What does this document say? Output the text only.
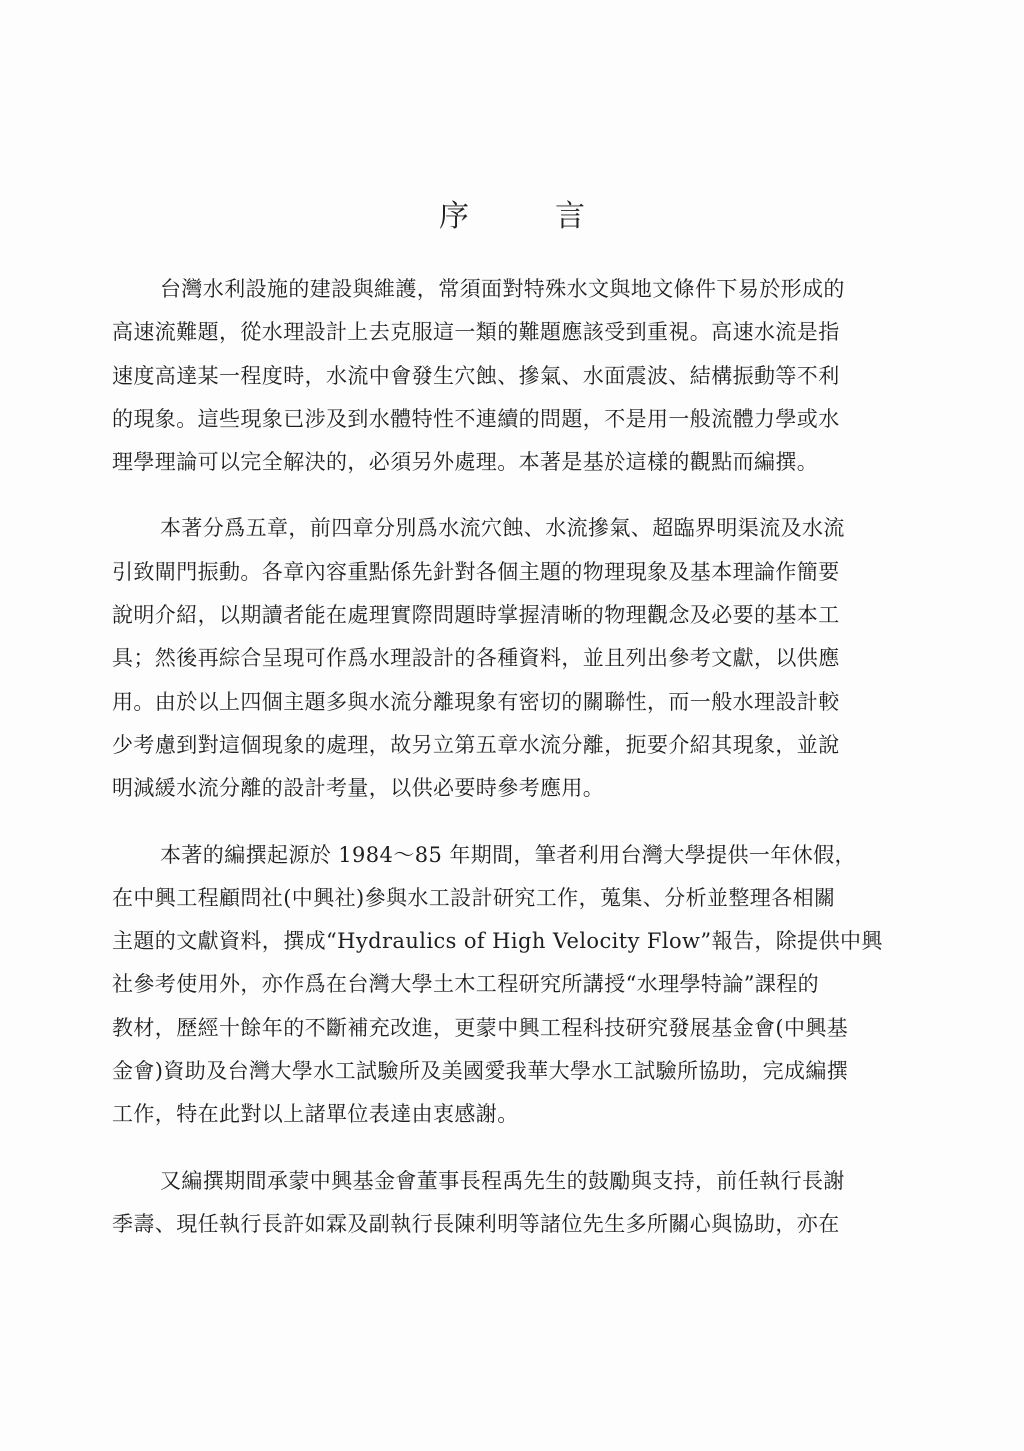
序　言
台灣水利設施的建設與維護，常須面對特殊水文與地文條件下易於形成的
高速流難題，從水理設計上去克服這一類的難題應該受到重視。高速水流是指
速度高達某一程度時，水流中會發生穴蝕、摻氣、水面震波、結構振動等不利
的現象。這些現象已涉及到水體特性不連續的問題，不是用一般流體力學或水
理學理論可以完全解決的，必須另外處理。本著是基於這樣的觀點而編撰。
本著分爲五章，前四章分別爲水流穴蝕、水流摻氣、超臨界明渠流及水流
引致閘門振動。各章內容重點係先針對各個主題的物理現象及基本理論作簡要
說明介紹，以期讀者能在處理實際問題時掌握清晰的物理觀念及必要的基本工
具；然後再綜合呈現可作爲水理設計的各種資料，並且列出參考文獻，以供應
用。由於以上四個主題多與水流分離現象有密切的關聯性，而一般水理設計較
少考慮到對這個現象的處理，故另立第五章水流分離，扼要介紹其現象，並說
明減緩水流分離的設計考量，以供必要時參考應用。
本著的編撰起源於 1984～85 年期間，筆者利用台灣大學提供一年休假，
在中興工程顧問社(中興社)參與水工設計研究工作，蒐集、分析並整理各相關
主題的文獻資料，撰成“Hydraulics of High Velocity Flow”報告，除提供中興
社參考使用外，亦作爲在台灣大學土木工程研究所講授“水理學特論”課程的
教材，歷經十餘年的不斷補充改進，更蒙中興工程科技研究發展基金會(中興基
金會)資助及台灣大學水工試驗所及美國愛我華大學水工試驗所協助，完成編撰
工作，特在此對以上諸單位表達由衷感謝。
又編撰期間承蒙中興基金會董事長程禹先生的鼓勵與支持，前任執行長謝
季壽、現任執行長許如霖及副執行長陳利明等諸位先生多所關心與協助，亦在
